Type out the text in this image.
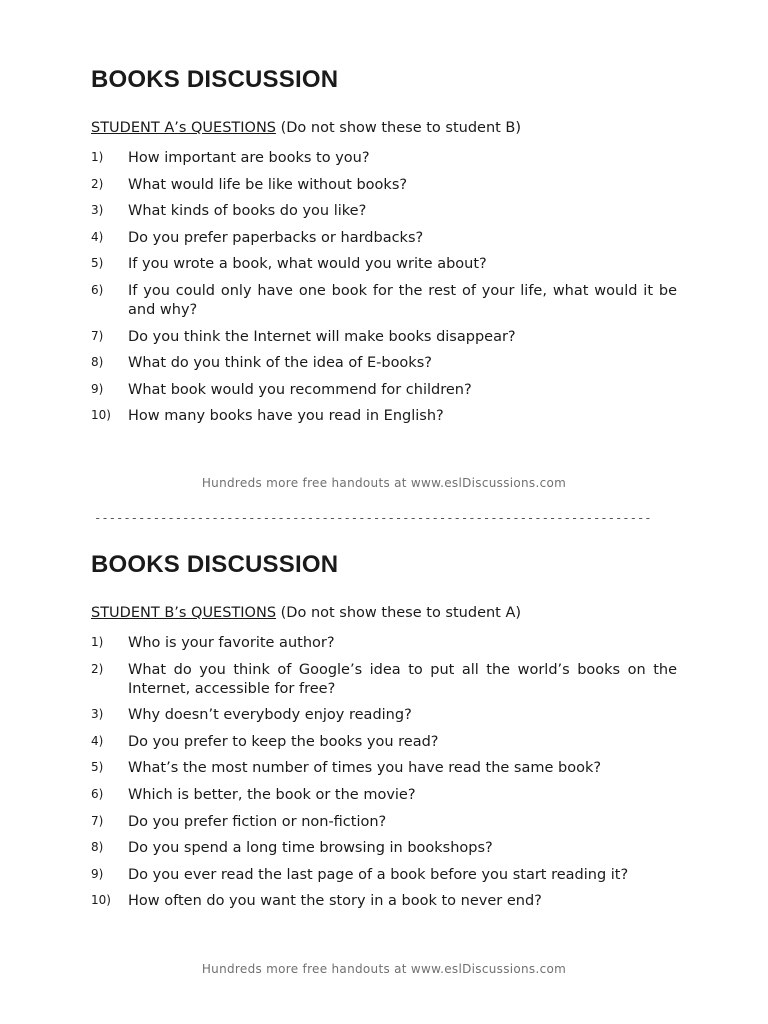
BOOKS DISCUSSION

STUDENT A’s QUESTIONS (Do not show these to student B)

1) How important are books to you?
2) What would life be like without books?
3) What kinds of books do you like?
4) Do you prefer paperbacks or hardbacks?
5) If you wrote a book, what would you write about?
6) If you could only have one book for the rest of your life, what would it be and why?
7) Do you think the Internet will make books disappear?
8) What do you think of the idea of E-books?
9) What book would you recommend for children?
10) How many books have you read in English?
Hundreds more free handouts at www.eslDiscussions.com
----------------------------------------------------------------------------
BOOKS DISCUSSION

STUDENT B’s QUESTIONS (Do not show these to student A)

1) Who is your favorite author?
2) What do you think of Google’s idea to put all the world’s books on the Internet, accessible for free?
3) Why doesn’t everybody enjoy reading?
4) Do you prefer to keep the books you read?
5) What’s the most number of times you have read the same book?
6) Which is better, the book or the movie?
7) Do you prefer fiction or non-fiction?
8) Do you spend a long time browsing in bookshops?
9) Do you ever read the last page of a book before you start reading it?
10) How often do you want the story in a book to never end?
Hundreds more free handouts at www.eslDiscussions.com
